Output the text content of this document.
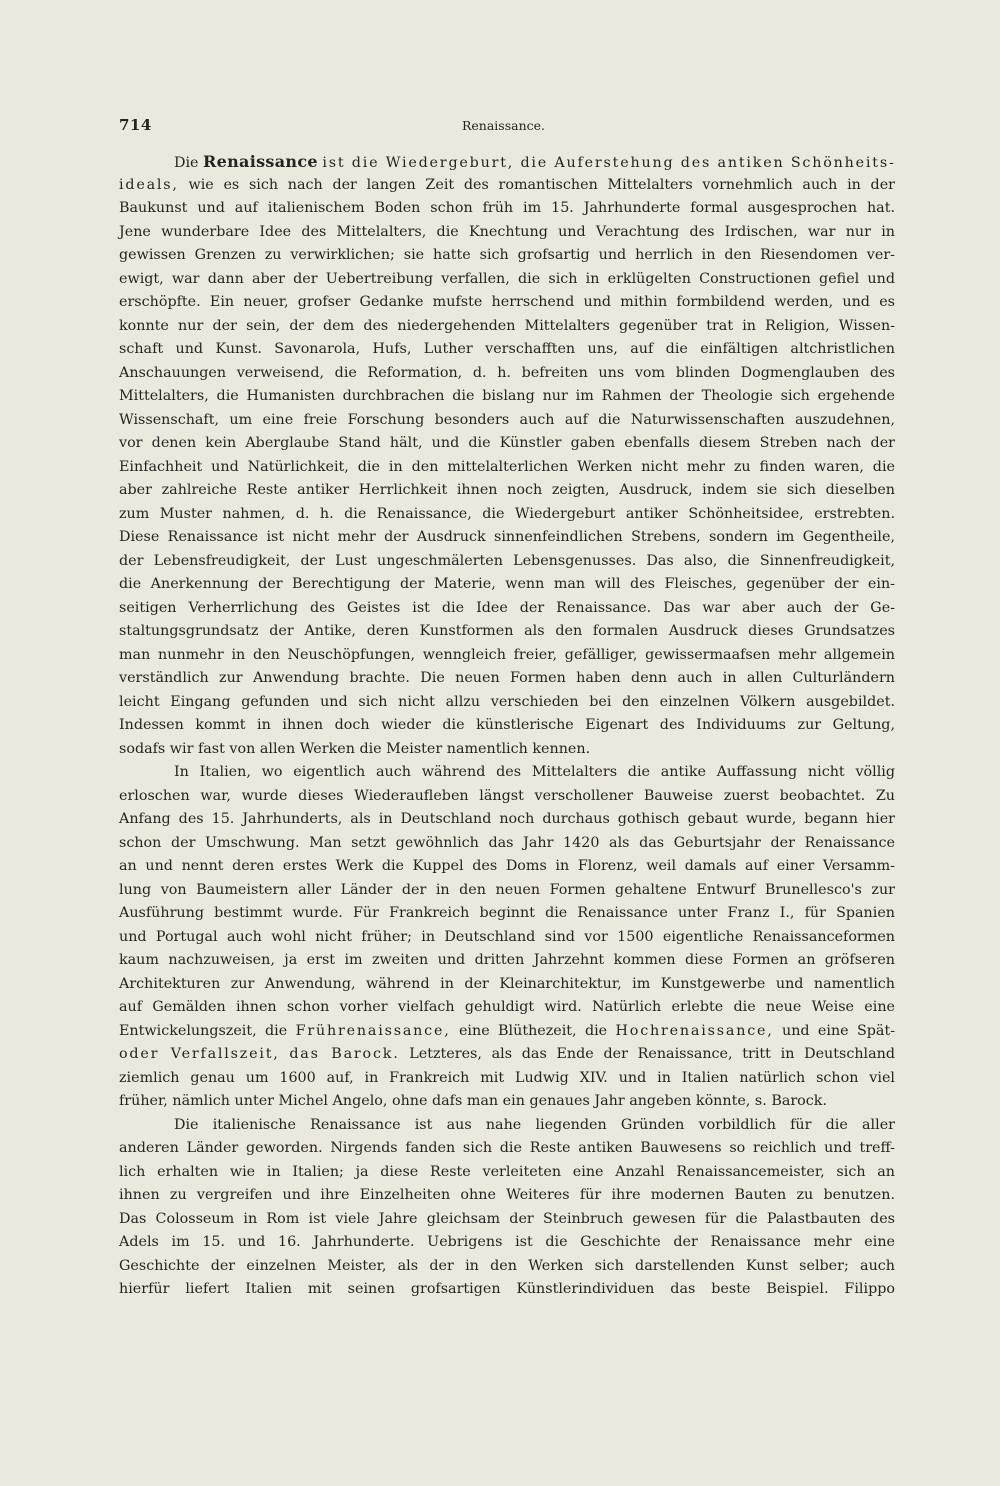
714	Renaissance.
Die Renaissance ist die Wiedergeburt, die Auferstehung des antiken Schönheits-
ideals, wie es sich nach der langen Zeit des romantischen Mittelalters vornehmlich auch in der
Baukunst und auf italienischem Boden schon früh im 15. Jahrhunderte formal ausgesprochen hat.
Jene wunderbare Idee des Mittelalters, die Knechtung und Verachtung des Irdischen, war nur in
gewissen Grenzen zu verwirklichen; sie hatte sich grofsartig und herrlich in den Riesendomen ver-
ewigt, war dann aber der Uebertreibung verfallen, die sich in erklügelten Constructionen gefiel und
erschöpfte. Ein neuer, grofser Gedanke mufste herrschend und mithin formbildend werden, und es
konnte nur der sein, der dem des niedergehenden Mittelalters gegenüber trat in Religion, Wissen-
schaft und Kunst. Savonarola, Hufs, Luther verschafften uns, auf die einfältigen altchristlichen
Anschauungen verweisend, die Reformation, d. h. befreiten uns vom blinden Dogmenglauben des
Mittelalters, die Humanisten durchbrachen die bislang nur im Rahmen der Theologie sich ergehende
Wissenschaft, um eine freie Forschung besonders auch auf die Naturwissenschaften auszudehnen,
vor denen kein Aberglaube Stand hält, und die Künstler gaben ebenfalls diesem Streben nach der
Einfachheit und Natürlichkeit, die in den mittelalterlichen Werken nicht mehr zu finden waren, die
aber zahlreiche Reste antiker Herrlichkeit ihnen noch zeigten, Ausdruck, indem sie sich dieselben
zum Muster nahmen, d. h. die Renaissance, die Wiedergeburt antiker Schönheitsidee, erstrebten.
Diese Renaissance ist nicht mehr der Ausdruck sinnenfeindlichen Strebens, sondern im Gegentheile,
der Lebensfreudigkeit, der Lust ungeschmälerten Lebensgenusses. Das also, die Sinnenfreudigkeit,
die Anerkennung der Berechtigung der Materie, wenn man will des Fleisches, gegenüber der ein-
seitigen Verherrlichung des Geistes ist die Idee der Renaissance. Das war aber auch der Ge-
staltungsgrundsatz der Antike, deren Kunstformen als den formalen Ausdruck dieses Grundsatzes
man nunmehr in den Neuschöpfungen, wenngleich freier, gefälliger, gewissermaafsen mehr allgemein
verständlich zur Anwendung brachte. Die neuen Formen haben denn auch in allen Culturländern
leicht Eingang gefunden und sich nicht allzu verschieden bei den einzelnen Völkern ausgebildet.
Indessen kommt in ihnen doch wieder die künstlerische Eigenart des Individuums zur Geltung,
sodafs wir fast von allen Werken die Meister namentlich kennen.
In Italien, wo eigentlich auch während des Mittelalters die antike Auffassung nicht völlig
erloschen war, wurde dieses Wiederaufleben längst verschollener Bauweise zuerst beobachtet. Zu
Anfang des 15. Jahrhunderts, als in Deutschland noch durchaus gothisch gebaut wurde, begann hier
schon der Umschwung. Man setzt gewöhnlich das Jahr 1420 als das Geburtsjahr der Renaissance
an und nennt deren erstes Werk die Kuppel des Doms in Florenz, weil damals auf einer Versamm-
lung von Baumeistern aller Länder der in den neuen Formen gehaltene Entwurf Brunellesco's zur
Ausführung bestimmt wurde. Für Frankreich beginnt die Renaissance unter Franz I., für Spanien
und Portugal auch wohl nicht früher; in Deutschland sind vor 1500 eigentliche Renaissanceformen
kaum nachzuweisen, ja erst im zweiten und dritten Jahrzehnt kommen diese Formen an gröfseren
Architekturen zur Anwendung, während in der Kleinarchitektur, im Kunstgewerbe und namentlich
auf Gemälden ihnen schon vorher vielfach gehuldigt wird. Natürlich erlebte die neue Weise eine
Entwickelungszeit, die Frührenaissance, eine Blüthezeit, die Hochrenaissance, und eine Spät-
oder Verfallszeit, das Barock. Letzteres, als das Ende der Renaissance, tritt in Deutschland
ziemlich genau um 1600 auf, in Frankreich mit Ludwig XIV. und in Italien natürlich schon viel
früher, nämlich unter Michel Angelo, ohne dafs man ein genaues Jahr angeben könnte, s. Barock.
Die italienische Renaissance ist aus nahe liegenden Gründen vorbildlich für die aller
anderen Länder geworden. Nirgends fanden sich die Reste antiken Bauwesens so reichlich und treff-
lich erhalten wie in Italien; ja diese Reste verleiteten eine Anzahl Renaissancemeister, sich an
ihnen zu vergreifen und ihre Einzelheiten ohne Weiteres für ihre modernen Bauten zu benutzen.
Das Colosseum in Rom ist viele Jahre gleichsam der Steinbruch gewesen für die Palastbauten des
Adels im 15. und 16. Jahrhunderte. Uebrigens ist die Geschichte der Renaissance mehr eine
Geschichte der einzelnen Meister, als der in den Werken sich darstellenden Kunst selber; auch
hierfür liefert Italien mit seinen grofsartigen Künstlerindividuen das beste Beispiel. Filippo
